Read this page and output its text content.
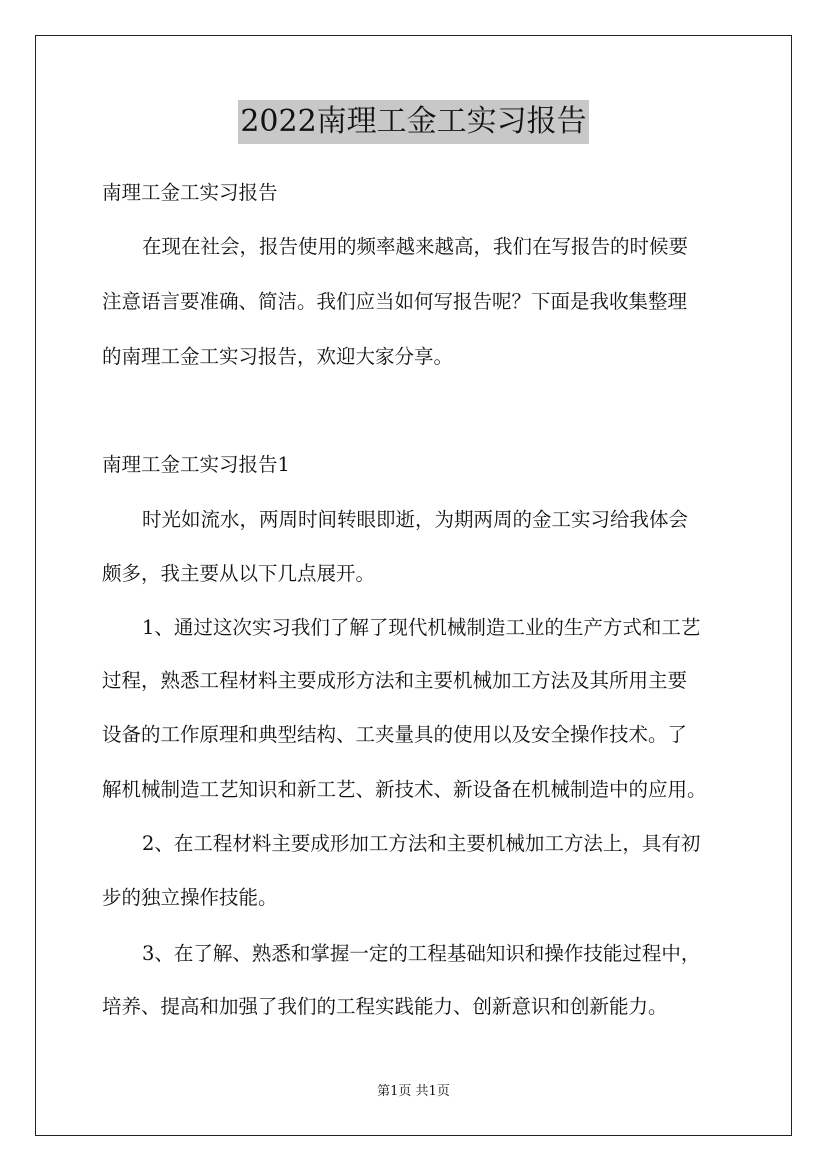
2022南理工金工实习报告
南理工金工实习报告
在现在社会，报告使用的频率越来越高，我们在写报告的时候要
注意语言要准确、简洁。我们应当如何写报告呢？下面是我收集整理
的南理工金工实习报告，欢迎大家分享。
南理工金工实习报告1
时光如流水，两周时间转眼即逝，为期两周的金工实习给我体会
颇多，我主要从以下几点展开。
1、通过这次实习我们了解了现代机械制造工业的生产方式和工艺
过程，熟悉工程材料主要成形方法和主要机械加工方法及其所用主要
设备的工作原理和典型结构、工夹量具的使用以及安全操作技术。了
解机械制造工艺知识和新工艺、新技术、新设备在机械制造中的应用。
2、在工程材料主要成形加工方法和主要机械加工方法上，具有初
步的独立操作技能。
3、在了解、熟悉和掌握一定的工程基础知识和操作技能过程中，
培养、提高和加强了我们的工程实践能力、创新意识和创新能力。
第1页 共1页
